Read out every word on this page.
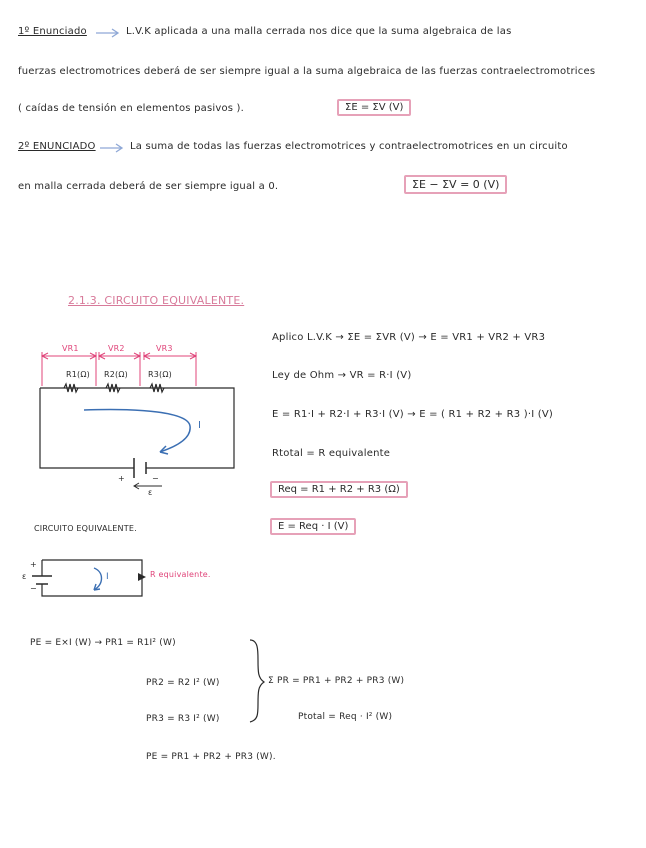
1º Enunciado	L.V.K aplicada a una malla cerrada nos dice que la suma algebraica de las
fuerzas electromotrices deberá de ser siempre igual a la suma algebraica de las fuerzas contraelectromotrices
( caídas de tensión en elementos pasivos ).	ΣE = ΣV (V)
2º ENUNCIADO	La suma de todas las fuerzas electromotrices y contraelectromotrices en un circuito
en malla cerrada deberá de ser siempre igual a 0.	ΣE − ΣV = 0 (V)
2.1.3. CIRCUITO EQUIVALENTE.
VR1	VR2	VR3
R1(Ω) R2(Ω) R3(Ω)
I
+	−
ε
Aplico L.V.K → ΣE = ΣVR (V) → E = VR1 + VR2 + VR3
Ley de Ohm → VR = R·I (V)
E = R1·I + R2·I + R3·I (V) → E = ( R1 + R2 + R3 )·I (V)
Rtotal = R equivalente
Req = R1 + R2 + R3 (Ω)
E = Req · I (V)
CIRCUITO EQUIVALENTE.
+
−
ε	I	R equivalente.
PE = E×I (W) → PR1 = R1I² (W)
PR2 = R2 I² (W)
PR3 = R3 I² (W)
Σ PR = PR1 + PR2 + PR3 (W)
Ptotal = Req · I² (W)
PE = PR1 + PR2 + PR3 (W).
